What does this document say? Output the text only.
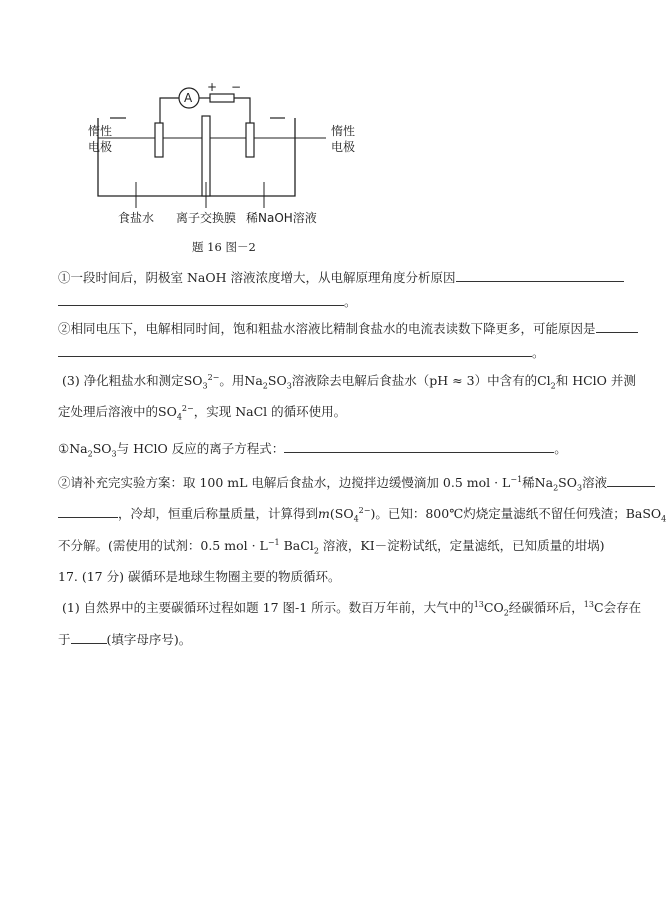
A
+ −
惰性
电极
惰性
电极
食盐水 离子交换膜 稀NaOH溶液
题 16 图－2
①一段时间后，阴极室 NaOH 溶液浓度增大，从电解原理角度分析原因
。
②相同电压下，电解相同时间，饱和粗盐水溶液比精制食盐水的电流表读数下降更多，可能原因是
。
(3) 净化粗盐水和测定$SO_3^{2-}$。用$Na_2SO_3$溶液除去电解后食盐水（pH ≈ 3）中含有的$Cl_2$和 HClO 并测
定处理后溶液中的$SO_4^{2-}$，实现 NaCl 的循环使用。
$①Na_2SO_3$与 HClO 反应的离子方程式：	。
②请补充完实验方案：取 100 mL 电解后食盐水，边搅拌边缓慢滴加 0.5 mol · $L^{-1}$稀$Na_2SO_3$溶液
，冷却，恒重后称量质量，计算得到$m(SO_4^{2-})$。已知：800℃灼烧定量滤纸不留任何残渣；BaSO$_4$
不分解。(需使用的试剂：0.5 mol · $L^{-1}$ BaCl$_2$ 溶液，KI－淀粉试纸，定量滤纸，已知质量的坩埚)
17. (17 分) 碳循环是地球生物圈主要的物质循环。
(1) 自然界中的主要碳循环过程如题 17 图-1 所示。数百万年前，大气中的$^{13}CO_2$经碳循环后，$^{13}$C会存在
于	(填字母序号)。
